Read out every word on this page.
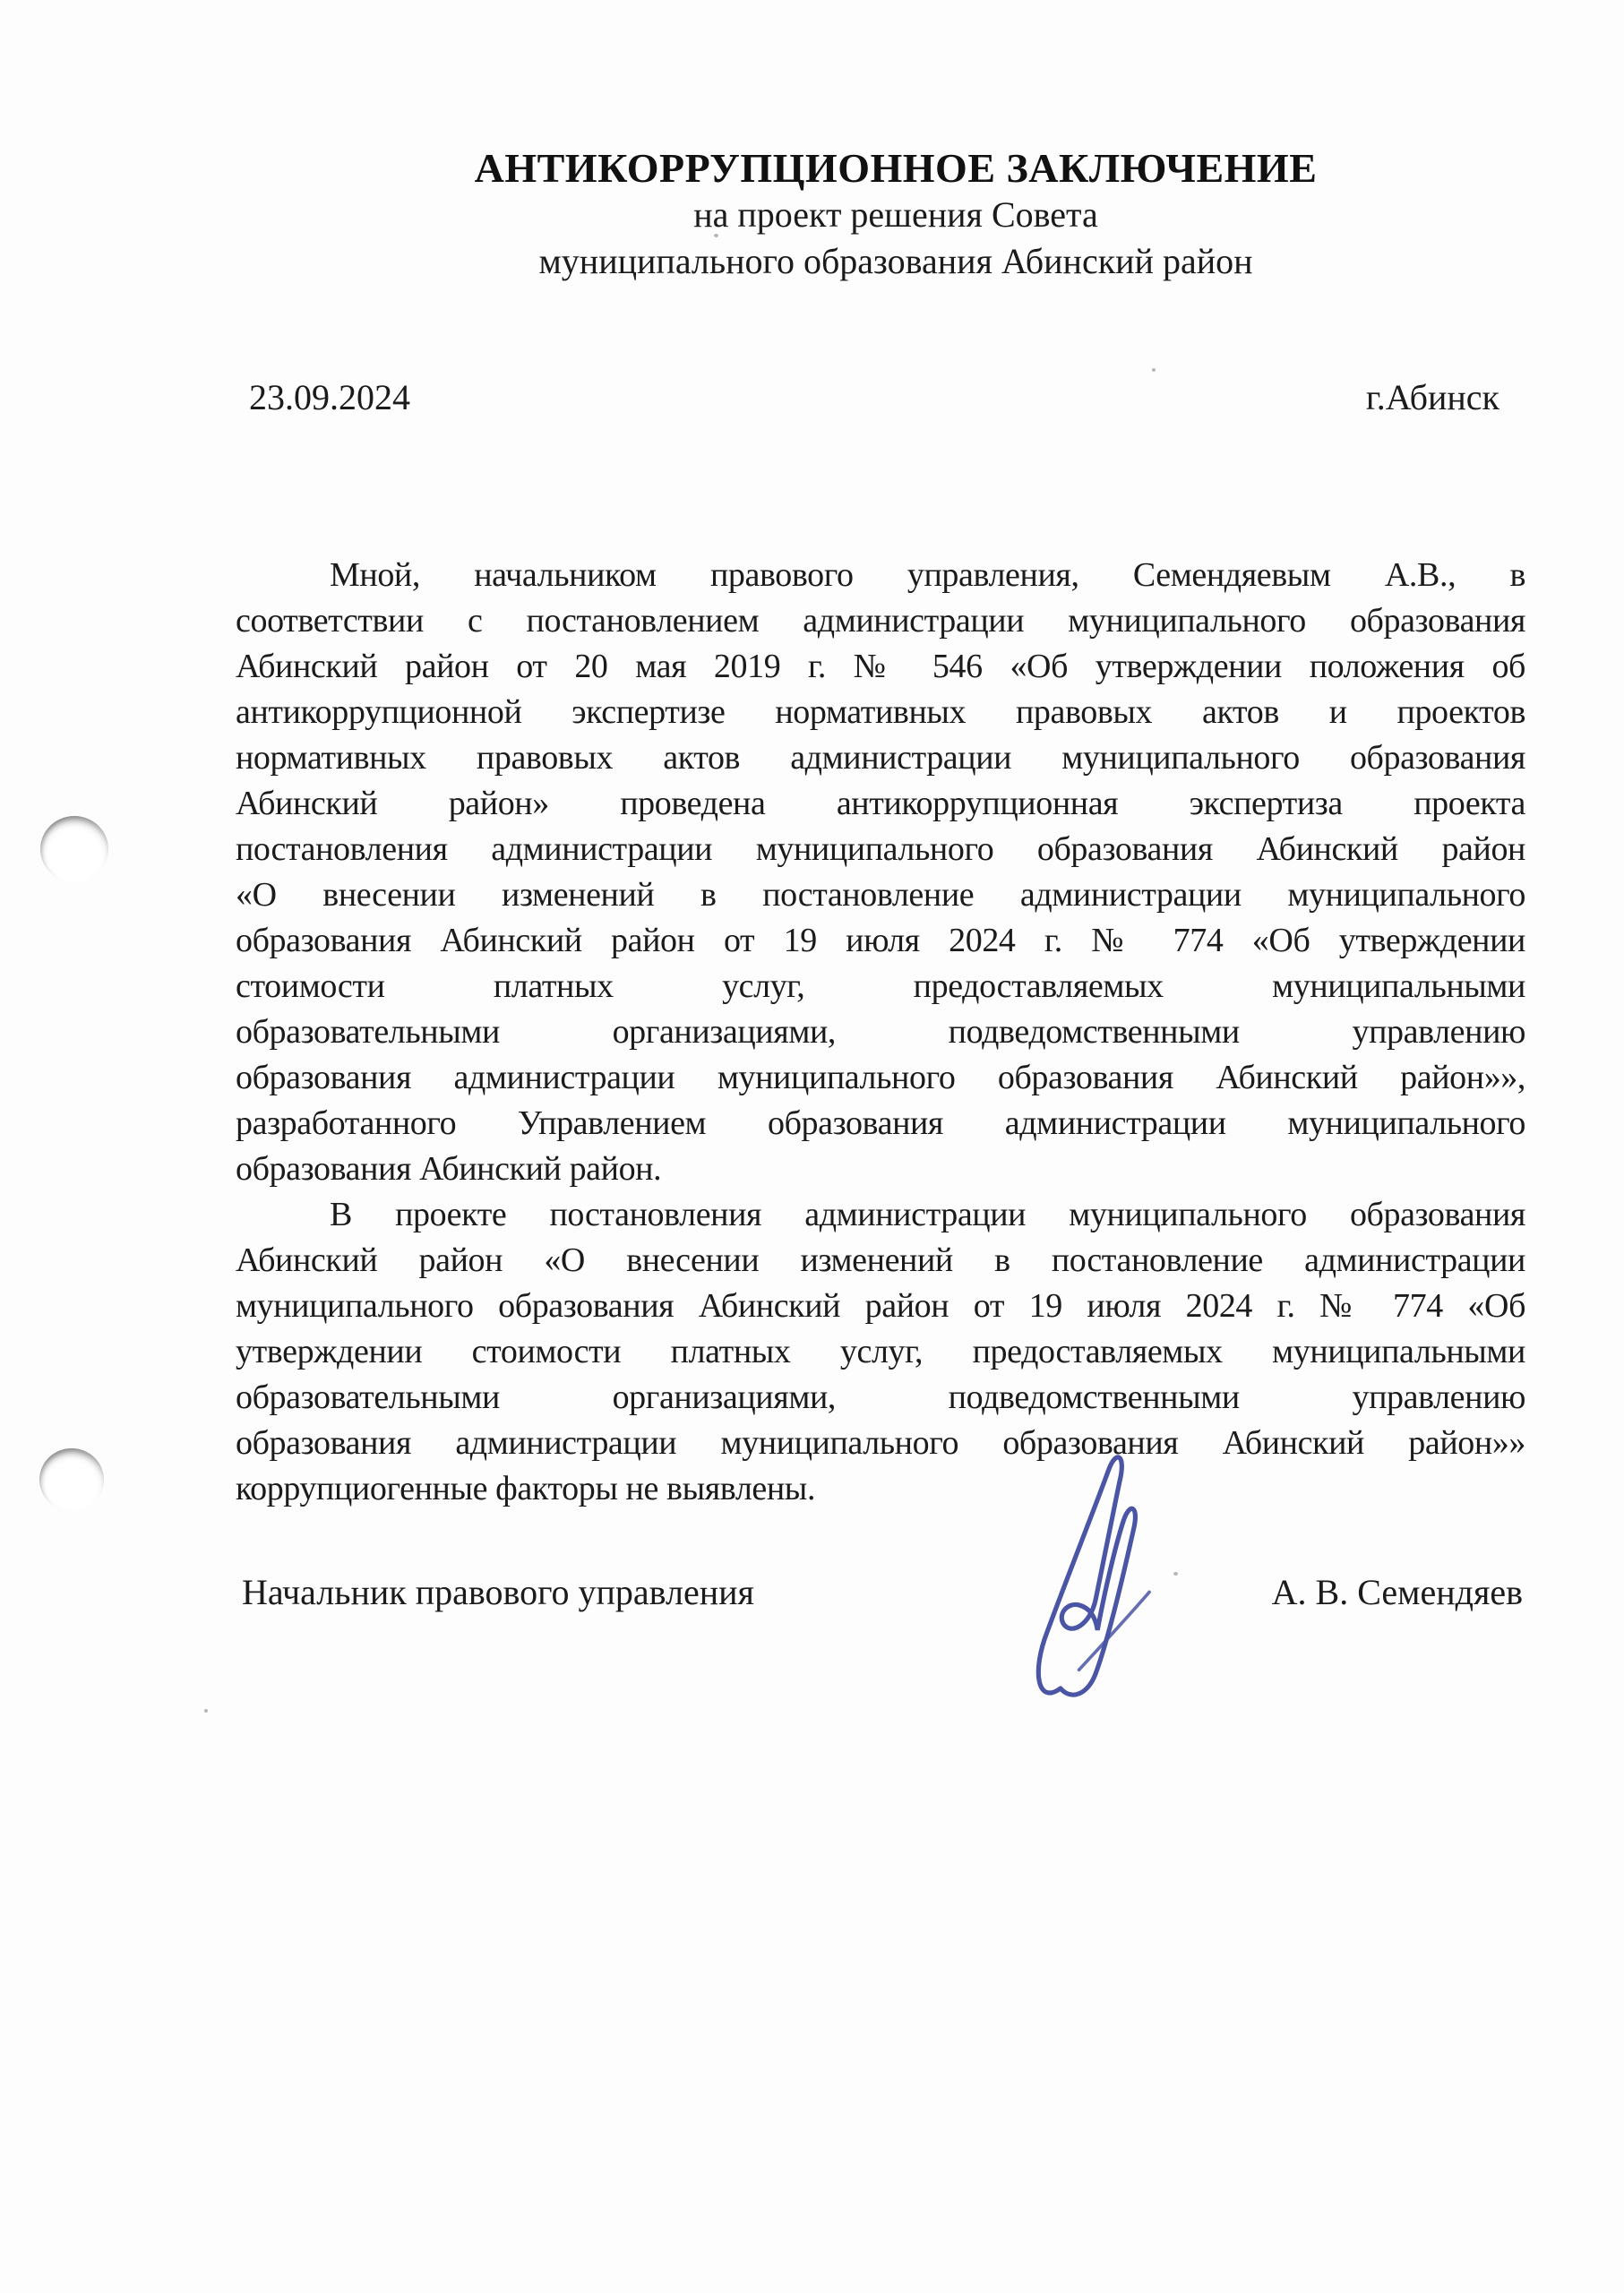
АНТИКОРРУПЦИОННОЕ ЗАКЛЮЧЕНИЕ
на проект решения Совета
муниципального образования Абинский район
23.09.2024	г.Абинск
Мной, начальником правового управления, Семендяевым А.В., в
соответствии с постановлением администрации муниципального образования
Абинский район от 20 мая 2019 г. № 546 «Об утверждении положения об
антикоррупционной экспертизе нормативных правовых актов и проектов
нормативных правовых актов администрации муниципального образования
Абинский район» проведена антикоррупционная экспертиза проекта
постановления администрации муниципального образования Абинский район
«О внесении изменений в постановление администрации муниципального
образования Абинский район от 19 июля 2024 г. № 774 «Об утверждении
стоимости платных услуг, предоставляемых муниципальными
образовательными организациями, подведомственными управлению
образования администрации муниципального образования Абинский район»»,
разработанного Управлением образования администрации муниципального
образования Абинский район.
В проекте постановления администрации муниципального образования
Абинский район «О внесении изменений в постановление администрации
муниципального образования Абинский район от 19 июля 2024 г. № 774 «Об
утверждении стоимости платных услуг, предоставляемых муниципальными
образовательными организациями, подведомственными управлению
образования администрации муниципального образования Абинский район»»
коррупциогенные факторы не выявлены.
Начальник правового управления	А. В. Семендяев
